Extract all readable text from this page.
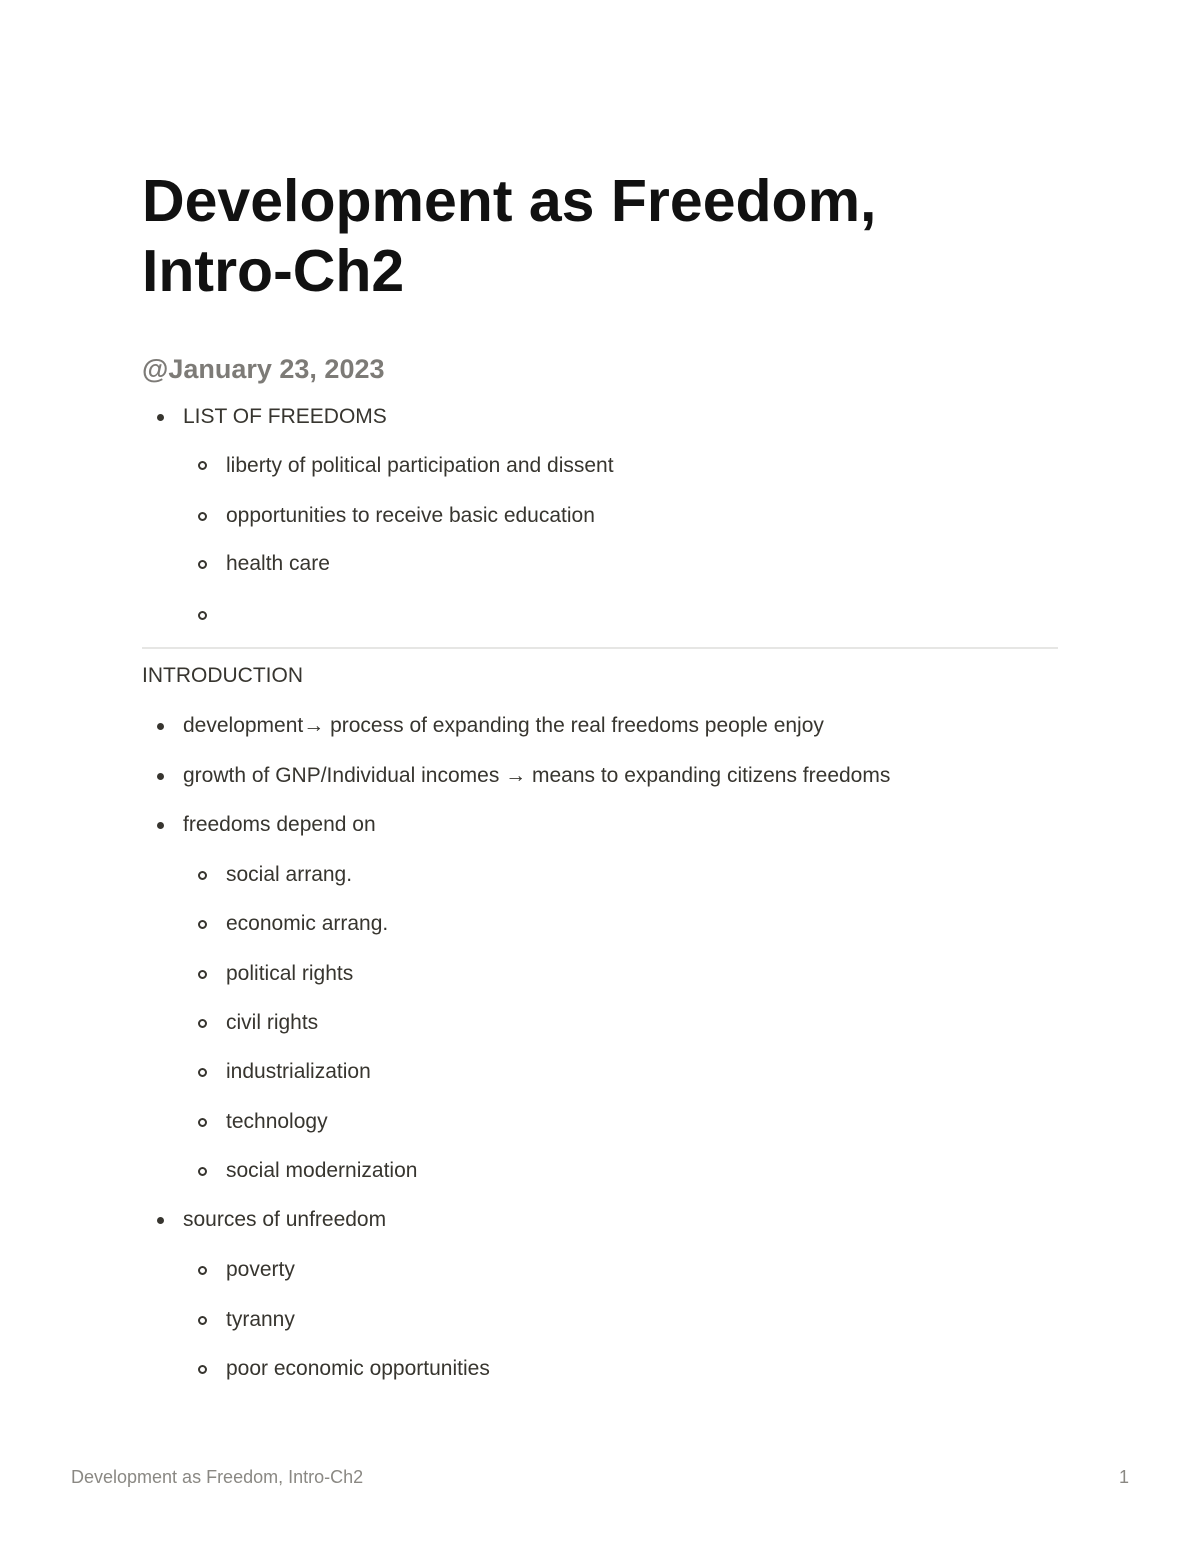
Development as Freedom, Intro-Ch2
@January 23, 2023
LIST OF FREEDOMS
liberty of political participation and dissent
opportunities to receive basic education
health care
INTRODUCTION
development→ process of expanding the real freedoms people enjoy
growth of GNP/Individual incomes → means to expanding citizens freedoms
freedoms depend on
social arrang.
economic arrang.
political rights
civil rights
industrialization
technology
social modernization
sources of unfreedom
poverty
tyranny
poor economic opportunities
Development as Freedom, Intro-Ch2	1
